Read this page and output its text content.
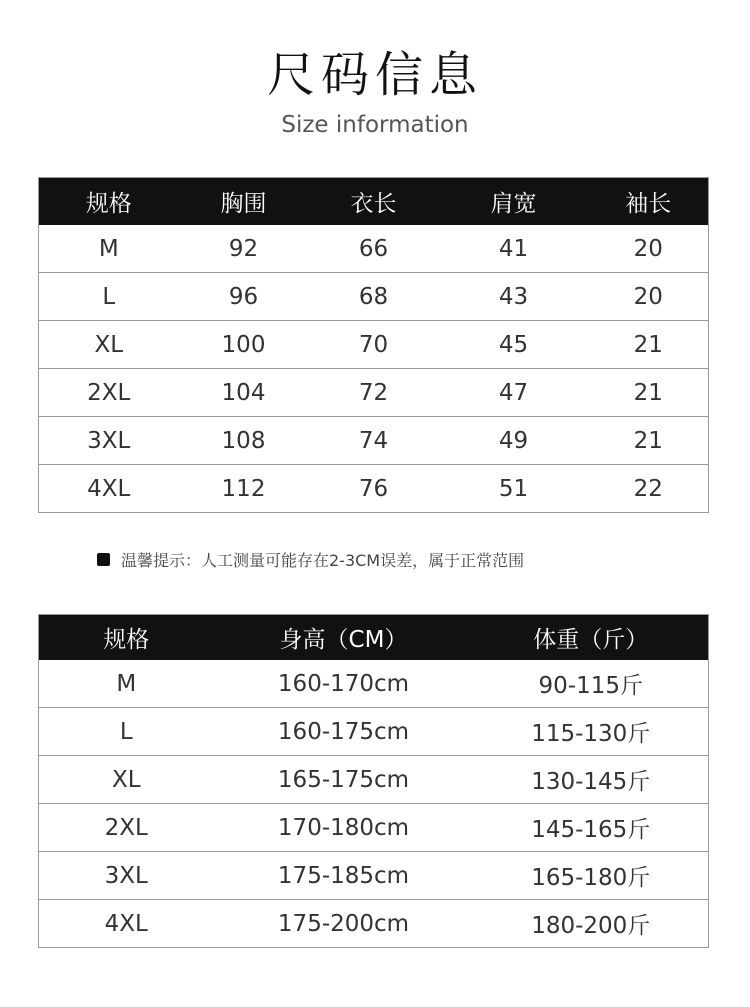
尺码信息
Size information
规格	胸围	衣长	肩宽	袖长
M	92	66	41	20
L	96	68	43	20
XL	100	70	45	21
2XL	104	72	47	21
3XL	108	74	49	21
4XL	112	76	51	22
温馨提示：人工测量可能存在2-3CM误差，属于正常范围
规格	身高（CM）	体重（斤）
M	160-170cm	90-115斤
L	160-175cm	115-130斤
XL	165-175cm	130-145斤
2XL	170-180cm	145-165斤
3XL	175-185cm	165-180斤
4XL	175-200cm	180-200斤
